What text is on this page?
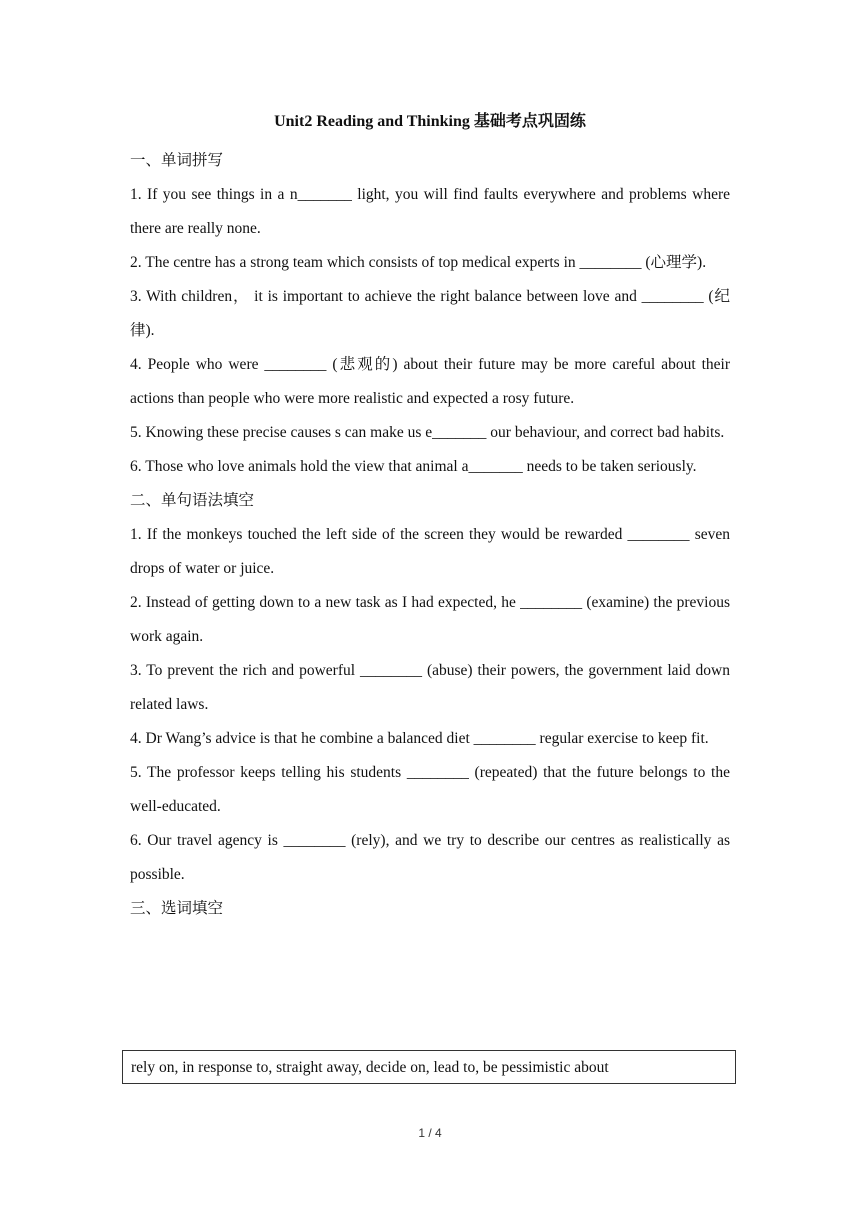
Unit2 Reading and Thinking 基础考点巩固练
一、单词拼写
1. If you see things in a n_______ light, you will find faults everywhere and problems where there are really none.
2. The centre has a strong team which consists of top medical experts in ________ (心理学).
3. With children， it is important to achieve the right balance between love and ________ (纪律).
4. People who were ________ (悲观的) about their future may be more careful about their actions than people who were more realistic and expected a rosy future.
5. Knowing these precise causes s can make us e_______ our behaviour, and correct bad habits.
6. Those who love animals hold the view that animal a_______ needs to be taken seriously.
二、单句语法填空
1. If the monkeys touched the left side of the screen they would be rewarded ________ seven drops of water or juice.
2. Instead of getting down to a new task as I had expected, he ________ (examine) the previous work again.
3. To prevent the rich and powerful ________ (abuse) their powers, the government laid down related laws.
4. Dr Wang’s advice is that he combine a balanced diet ________ regular exercise to keep fit.
5. The professor keeps telling his students ________ (repeated) that the future belongs to the well-educated.
6. Our travel agency is ________ (rely), and we try to describe our centres as realistically as possible.
三、选词填空
rely on, in response to, straight away, decide on, lead to, be pessimistic about
1 / 4
